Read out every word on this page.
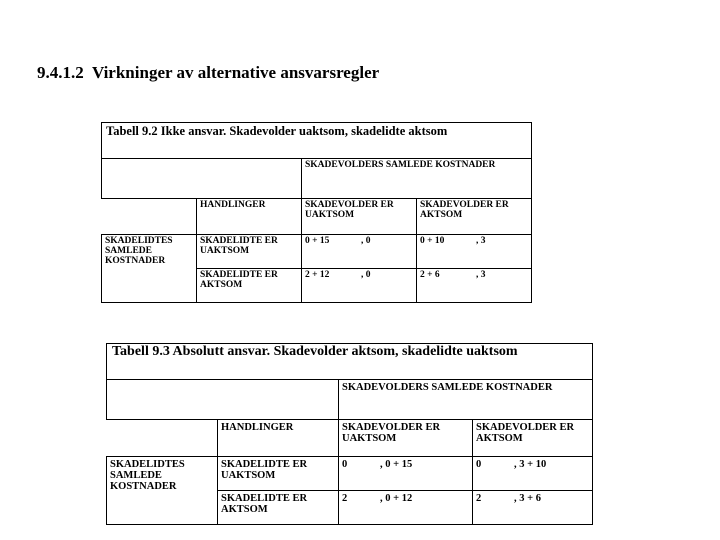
9.4.1.2  Virkninger av alternative ansvarsregler
Tabell 9.2 Ikke ansvar. Skadevolder uaktsom, skadelidte aktsom			
		SKADEVOLDERS SAMLEDE KOSTNADER	
	HANDLINGER	SKADEVOLDER ER UAKTSOM	SKADEVOLDER ER AKTSOM
SKADELIDTES SAMLEDE KOSTNADER	SKADELIDTE ER UAKTSOM	0 + 15 , 0	0 + 10 , 3

	SKADELIDTE ER AKTSOM	2 + 12 , 0	2 + 6 , 3
Tabell 9.3 Absolutt ansvar. Skadevolder aktsom, skadelidte uaktsom			
		SKADEVOLDERS SAMLEDE KOSTNADER	
	HANDLINGER	SKADEVOLDER ER UAKTSOM	SKADEVOLDER ER AKTSOM
SKADELIDTES SAMLEDE KOSTNADER	SKADELIDTE ER UAKTSOM	0 , 0 + 15	0 , 3 + 10

	SKADELIDTE ER AKTSOM	2 , 0 + 12	2 , 3 + 6
